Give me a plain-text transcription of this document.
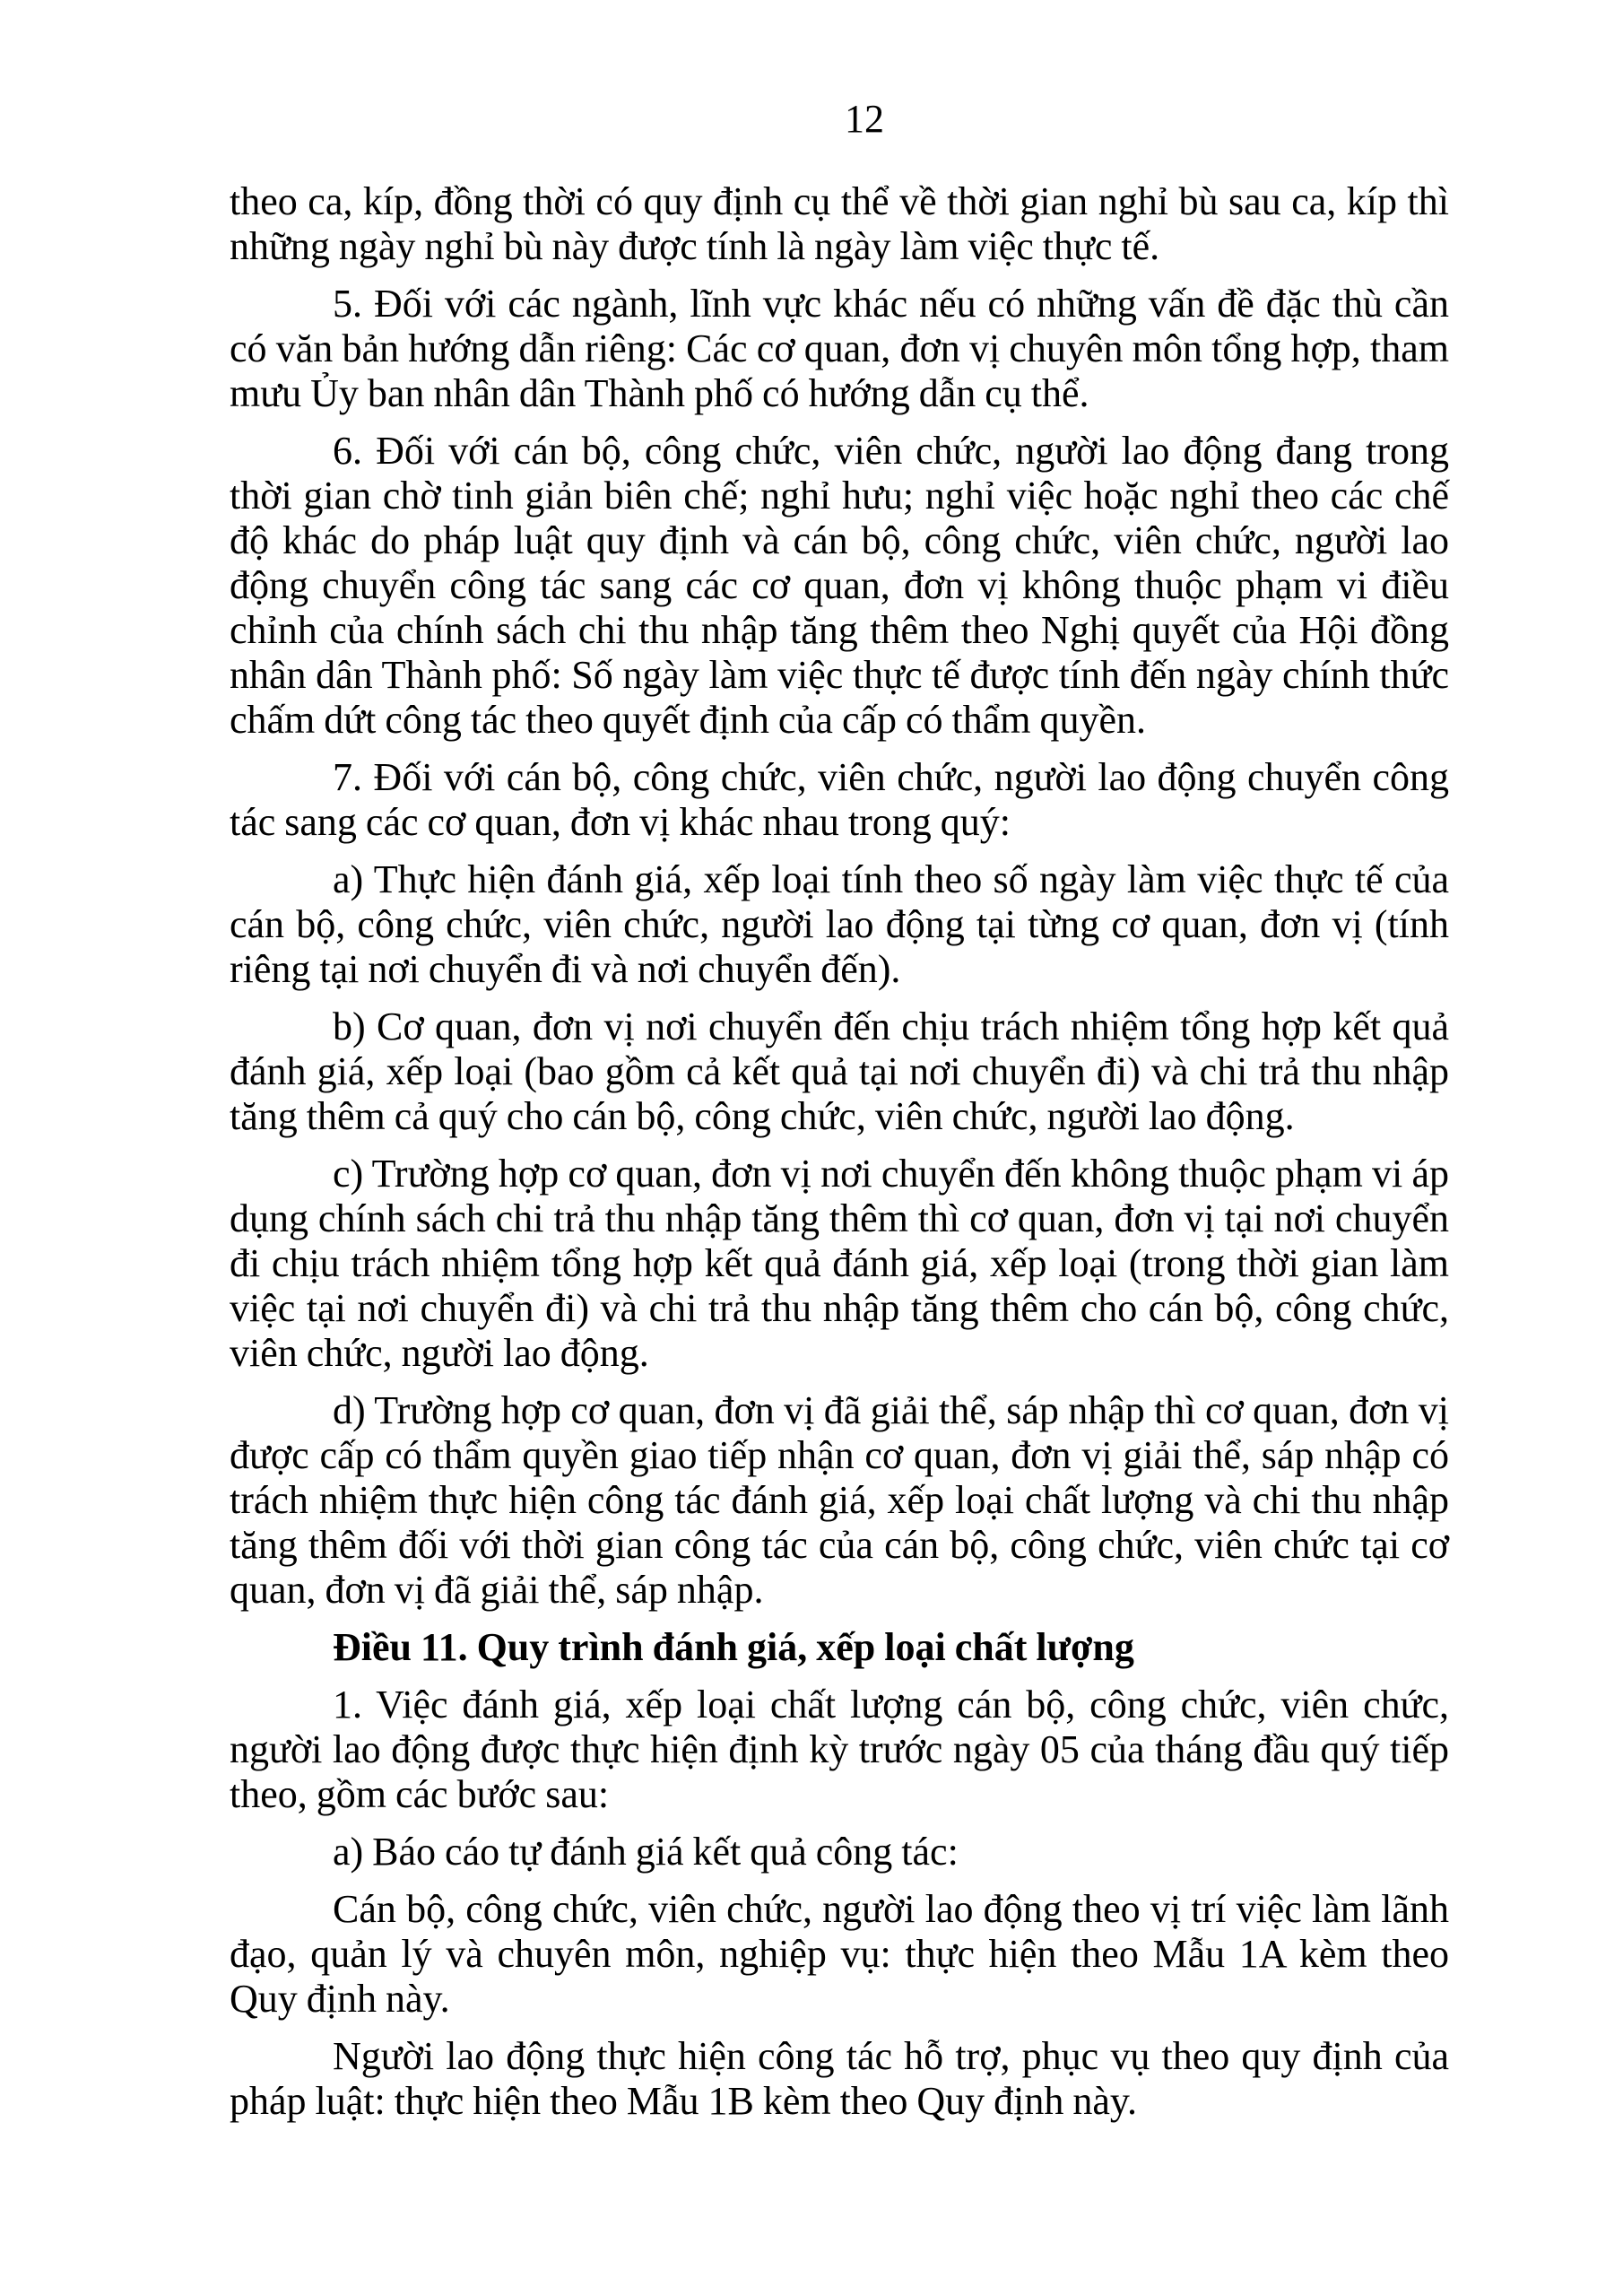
12

theo ca, kíp, đồng thời có quy định cụ thể về thời gian nghỉ bù sau ca, kíp thì những ngày nghỉ bù này được tính là ngày làm việc thực tế.

5. Đối với các ngành, lĩnh vực khác nếu có những vấn đề đặc thù cần có văn bản hướng dẫn riêng: Các cơ quan, đơn vị chuyên môn tổng hợp, tham mưu Ủy ban nhân dân Thành phố có hướng dẫn cụ thể.

6. Đối với cán bộ, công chức, viên chức, người lao động đang trong thời gian chờ tinh giản biên chế; nghỉ hưu; nghỉ việc hoặc nghỉ theo các chế độ khác do pháp luật quy định và cán bộ, công chức, viên chức, người lao động chuyển công tác sang các cơ quan, đơn vị không thuộc phạm vi điều chỉnh của chính sách chi thu nhập tăng thêm theo Nghị quyết của Hội đồng nhân dân Thành phố: Số ngày làm việc thực tế được tính đến ngày chính thức chấm dứt công tác theo quyết định của cấp có thẩm quyền.

7. Đối với cán bộ, công chức, viên chức, người lao động chuyển công tác sang các cơ quan, đơn vị khác nhau trong quý:

a) Thực hiện đánh giá, xếp loại tính theo số ngày làm việc thực tế của cán bộ, công chức, viên chức, người lao động tại từng cơ quan, đơn vị (tính riêng tại nơi chuyển đi và nơi chuyển đến).

b) Cơ quan, đơn vị nơi chuyển đến chịu trách nhiệm tổng hợp kết quả đánh giá, xếp loại (bao gồm cả kết quả tại nơi chuyển đi) và chi trả thu nhập tăng thêm cả quý cho cán bộ, công chức, viên chức, người lao động.

c) Trường hợp cơ quan, đơn vị nơi chuyển đến không thuộc phạm vi áp dụng chính sách chi trả thu nhập tăng thêm thì cơ quan, đơn vị tại nơi chuyển đi chịu trách nhiệm tổng hợp kết quả đánh giá, xếp loại (trong thời gian làm việc tại nơi chuyển đi) và chi trả thu nhập tăng thêm cho cán bộ, công chức, viên chức, người lao động.

d) Trường hợp cơ quan, đơn vị đã giải thể, sáp nhập thì cơ quan, đơn vị được cấp có thẩm quyền giao tiếp nhận cơ quan, đơn vị giải thể, sáp nhập có trách nhiệm thực hiện công tác đánh giá, xếp loại chất lượng và chi thu nhập tăng thêm đối với thời gian công tác của cán bộ, công chức, viên chức tại cơ quan, đơn vị đã giải thể, sáp nhập.

Điều 11. Quy trình đánh giá, xếp loại chất lượng

1. Việc đánh giá, xếp loại chất lượng cán bộ, công chức, viên chức, người lao động được thực hiện định kỳ trước ngày 05 của tháng đầu quý tiếp theo, gồm các bước sau:

a) Báo cáo tự đánh giá kết quả công tác:

Cán bộ, công chức, viên chức, người lao động theo vị trí việc làm lãnh đạo, quản lý và chuyên môn, nghiệp vụ: thực hiện theo Mẫu 1A kèm theo Quy định này.

Người lao động thực hiện công tác hỗ trợ, phục vụ theo quy định của pháp luật: thực hiện theo Mẫu 1B kèm theo Quy định này.
